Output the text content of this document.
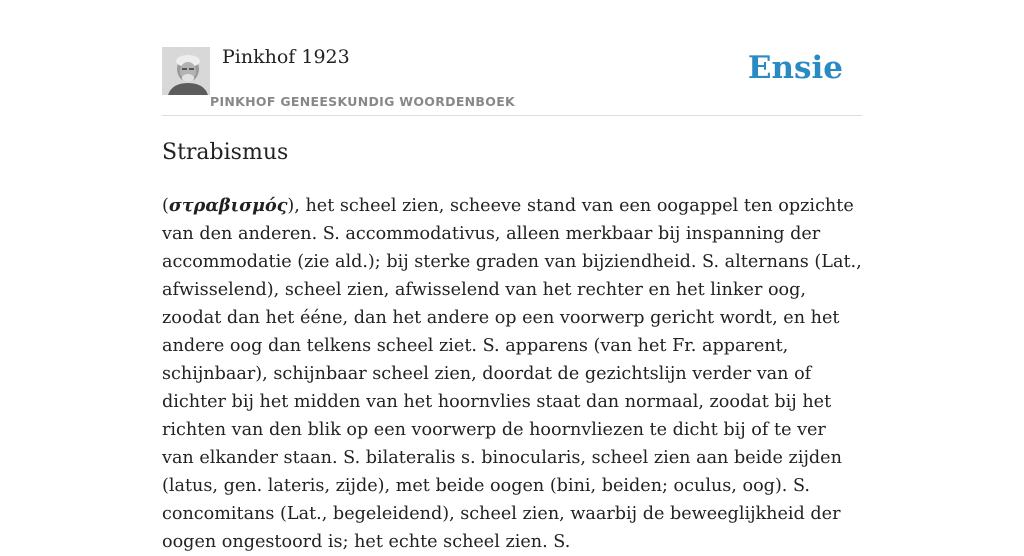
Pinkhof 1923
PINKHOF GENEESKUNDIG WOORDENBOEK
Ensie
Strabismus

(στραβισμός), het scheel zien, scheeve stand van een oogappel ten opzichte van den anderen. S. accommodativus, alleen merkbaar bij inspanning der accommodatie (zie ald.); bij sterke graden van bijziendheid. S. alternans (Lat., afwisselend), scheel zien, afwisselend van het rechter en het linker oog, zoodat dan het ééne, dan het andere op een voorwerp gericht wordt, en het andere oog dan telkens scheel ziet. S. apparens (van het Fr. apparent, schijnbaar), schijnbaar scheel zien, doordat de gezichtslijn verder van of dichter bij het midden van het hoornvlies staat dan normaal, zoodat bij het richten van den blik op een voorwerp de hoornvliezen te dicht bij of te ver van elkander staan. S. bilateralis s. binocularis, scheel zien aan beide zijden (latus, gen. lateris, zijde), met beide oogen (bini, beiden; oculus, oog). S. concomitans (Lat., begeleidend), scheel zien, waarbij de beweeglijkheid der oogen ongestoord is; het echte scheel zien. S.
